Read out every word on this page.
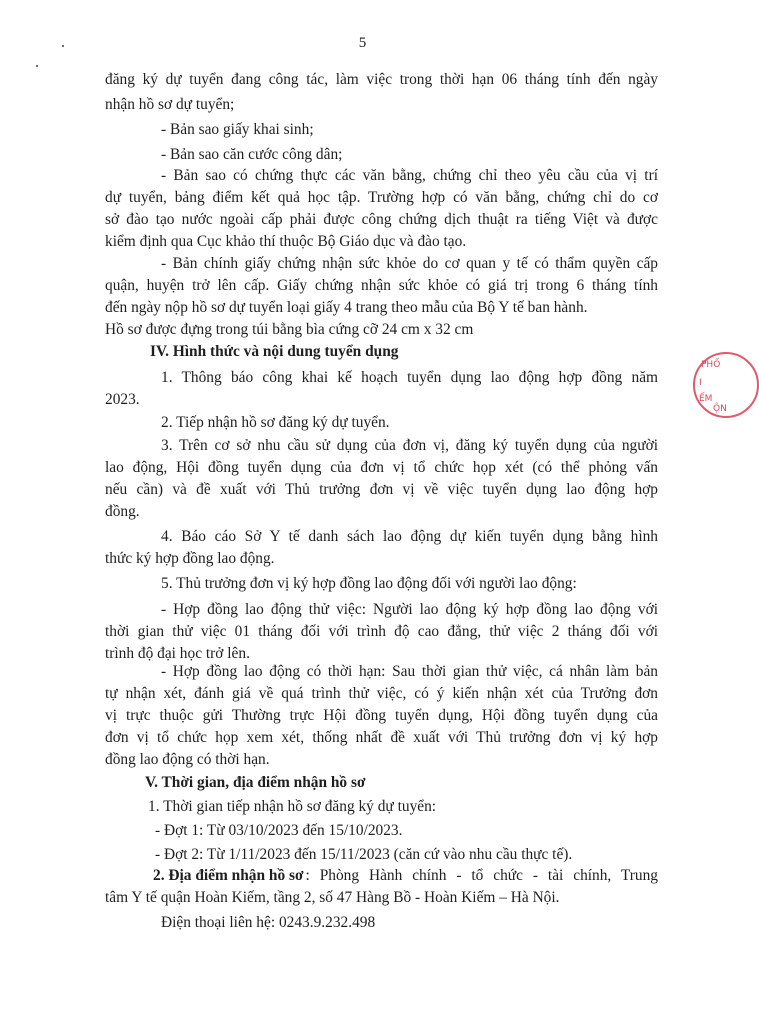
5
đăng ký dự tuyển đang công tác, làm việc trong thời hạn 06 tháng tính đến ngày
nhận hồ sơ dự tuyển;
- Bản sao giấy khai sinh;
- Bản sao căn cước công dân;
- Bản sao có chứng thực các văn bằng, chứng chỉ theo yêu cầu của vị trí
dự tuyển, bảng điểm kết quả học tập. Trường hợp có văn bằng, chứng chỉ do cơ
sở đào tạo nước ngoài cấp phải được công chứng dịch thuật ra tiếng Việt và được
kiểm định qua Cục khảo thí thuộc Bộ Giáo dục và đào tạo.
- Bản chính giấy chứng nhận sức khỏe do cơ quan y tế có thẩm quyền cấp
quận, huyện trở lên cấp. Giấy chứng nhận sức khỏe có giá trị trong 6 tháng tính
đến ngày nộp hồ sơ dự tuyển loại giấy 4 trang theo mẫu của Bộ Y tế ban hành.
Hồ sơ được đựng trong túi bằng bìa cứng cỡ 24 cm x 32 cm
IV. Hình thức và nội dung tuyển dụng
1. Thông báo công khai kế hoạch tuyển dụng lao động hợp đồng năm
2023.
2. Tiếp nhận hồ sơ đăng ký dự tuyển.
3. Trên cơ sở nhu cầu sử dụng của đơn vị, đăng ký tuyển dụng của người
lao động, Hội đồng tuyển dụng của đơn vị tổ chức họp xét (có thể phỏng vấn
nếu cần) và đề xuất với Thủ trưởng đơn vị về việc tuyển dụng lao động hợp
đồng.
4. Báo cáo Sở Y tế danh sách lao động dự kiến tuyển dụng bằng hình
thức ký hợp đồng lao động.
5. Thủ trưởng đơn vị ký hợp đồng lao động đối với người lao động:
- Hợp đồng lao động thử việc: Người lao động ký hợp đồng lao động với
thời gian thử việc 01 tháng đối với trình độ cao đẳng, thử việc 2 tháng đối với
trình độ đại học trở lên.
- Hợp đồng lao động có thời hạn: Sau thời gian thử việc, cá nhân làm bản
tự nhận xét, đánh giá về quá trình thử việc, có ý kiến nhận xét của Trưởng đơn
vị trực thuộc gửi Thường trực Hội đồng tuyển dụng, Hội đồng tuyển dụng của
đơn vị tổ chức họp xem xét, thống nhất đề xuất với Thủ trưởng đơn vị ký hợp
đồng lao động có thời hạn.
V. Thời gian, địa điểm nhận hồ sơ
1. Thời gian tiếp nhận hồ sơ đăng ký dự tuyển:
- Đợt 1: Từ 03/10/2023 đến 15/10/2023.
- Đợt 2: Từ 1/11/2023 đến 15/11/2023 (căn cứ vào nhu cầu thực tế).
2. Địa điểm nhận hồ sơ : Phòng Hành chính - tổ chức - tài chính, Trung
tâm Y tế quận Hoàn Kiếm, tầng 2, số 47 Hàng Bồ - Hoàn Kiếm – Hà Nội.
Điện thoại liên hệ: 0243.9.232.498
PHỐ
I
ẾM
ỘN
